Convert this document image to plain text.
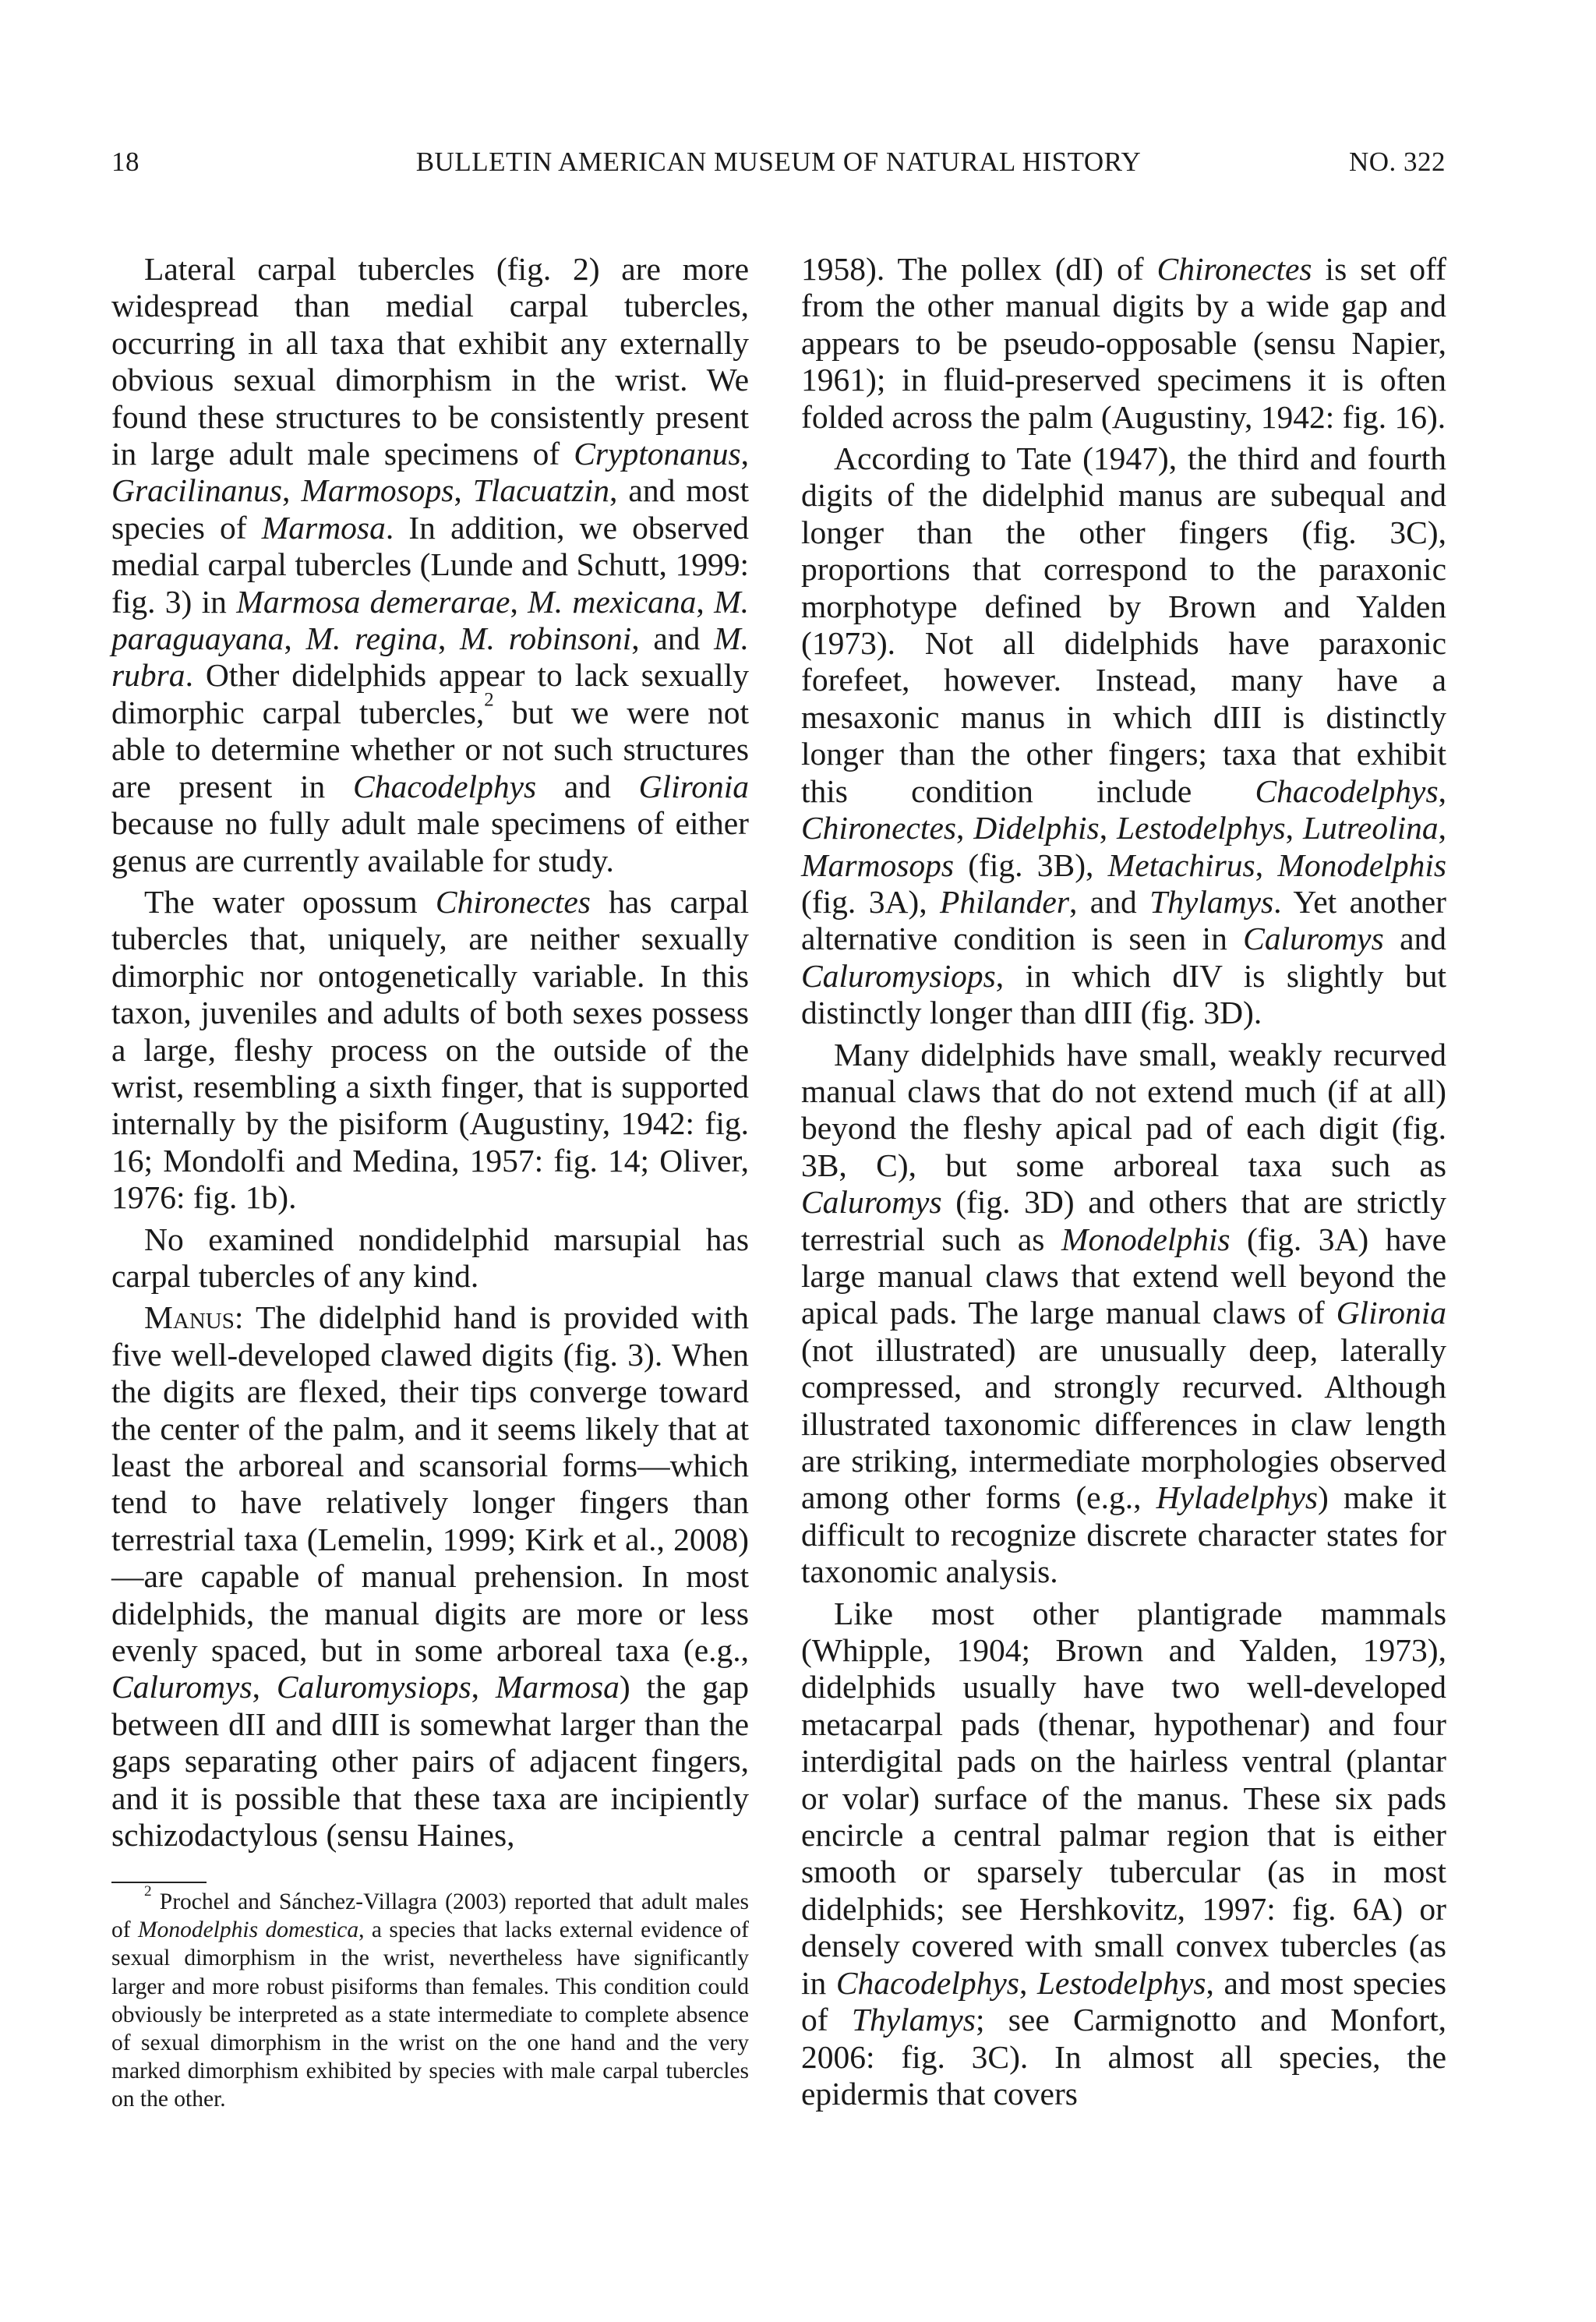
18	BULLETIN AMERICAN MUSEUM OF NATURAL HISTORY	NO. 322

Lateral carpal tubercles (fig. 2) are more widespread than medial carpal tubercles, occurring in all taxa that exhibit any externally obvious sexual dimorphism in the wrist. We found these structures to be consistently present in large adult male specimens of Cryptonanus, Gracilinanus, Marmosops, Tlacuatzin, and most species of Marmosa. In addition, we observed medial carpal tubercles (Lunde and Schutt, 1999: fig. 3) in Marmosa demerarae, M. mexicana, M. paraguayana, M. regina, M. robinsoni, and M. rubra. Other didelphids appear to lack sexually dimorphic carpal tubercles,$^2$ but we were not able to determine whether or not such structures are present in Chacodelphys and Glironia because no fully adult male specimens of either genus are currently available for study.

The water opossum Chironectes has carpal tubercles that, uniquely, are neither sexually dimorphic nor ontogenetically variable. In this taxon, juveniles and adults of both sexes possess a large, fleshy process on the outside of the wrist, resembling a sixth finger, that is supported internally by the pisiform (Augustiny, 1942: fig. 16; Mondolfi and Medina, 1957: fig. 14; Oliver, 1976: fig. 1b).

No examined nondidelphid marsupial has carpal tubercles of any kind.

Manus: The didelphid hand is provided with five well-developed clawed digits (fig. 3). When the digits are flexed, their tips converge toward the center of the palm, and it seems likely that at least the arboreal and scansorial forms—which tend to have relatively longer fingers than terrestrial taxa (Lemelin, 1999; Kirk et al., 2008)—are capable of manual prehension. In most didelphids, the manual digits are more or less evenly spaced, but in some arboreal taxa (e.g., Caluromys, Caluromysiops, Marmosa) the gap between dII and dIII is somewhat larger than the gaps separating other pairs of adjacent fingers, and it is possible that these taxa are incipiently schizodactylous (sensu Haines,

$^2$ Prochel and Sánchez-Villagra (2003) reported that adult males of Monodelphis domestica, a species that lacks external evidence of sexual dimorphism in the wrist, nevertheless have significantly larger and more robust pisiforms than females. This condition could obviously be interpreted as a state intermediate to complete absence of sexual dimorphism in the wrist on the one hand and the very marked dimorphism exhibited by species with male carpal tubercles on the other.

1958). The pollex (dI) of Chironectes is set off from the other manual digits by a wide gap and appears to be pseudo-opposable (sensu Napier, 1961); in fluid-preserved specimens it is often folded across the palm (Augustiny, 1942: fig. 16).

According to Tate (1947), the third and fourth digits of the didelphid manus are subequal and longer than the other fingers (fig. 3C), proportions that correspond to the paraxonic morphotype defined by Brown and Yalden (1973). Not all didelphids have paraxonic forefeet, however. Instead, many have a mesaxonic manus in which dIII is distinctly longer than the other fingers; taxa that exhibit this condition include Chacodelphys, Chironectes, Didelphis, Lestodelphys, Lutreolina, Marmosops (fig. 3B), Metachirus, Monodelphis (fig. 3A), Philander, and Thylamys. Yet another alternative condition is seen in Caluromys and Caluromysiops, in which dIV is slightly but distinctly longer than dIII (fig. 3D).

Many didelphids have small, weakly recurved manual claws that do not extend much (if at all) beyond the fleshy apical pad of each digit (fig. 3B, C), but some arboreal taxa such as Caluromys (fig. 3D) and others that are strictly terrestrial such as Monodelphis (fig. 3A) have large manual claws that extend well beyond the apical pads. The large manual claws of Glironia (not illustrated) are unusually deep, laterally compressed, and strongly recurved. Although illustrated taxonomic differences in claw length are striking, intermediate morphologies observed among other forms (e.g., Hyladelphys) make it difficult to recognize discrete character states for taxonomic analysis.

Like most other plantigrade mammals (Whipple, 1904; Brown and Yalden, 1973), didelphids usually have two well-developed metacarpal pads (thenar, hypothenar) and four interdigital pads on the hairless ventral (plantar or volar) surface of the manus. These six pads encircle a central palmar region that is either smooth or sparsely tubercular (as in most didelphids; see Hershkovitz, 1997: fig. 6A) or densely covered with small convex tubercles (as in Chacodelphys, Lestodelphys, and most species of Thylamys; see Carmignotto and Monfort, 2006: fig. 3C). In almost all species, the epidermis that covers
